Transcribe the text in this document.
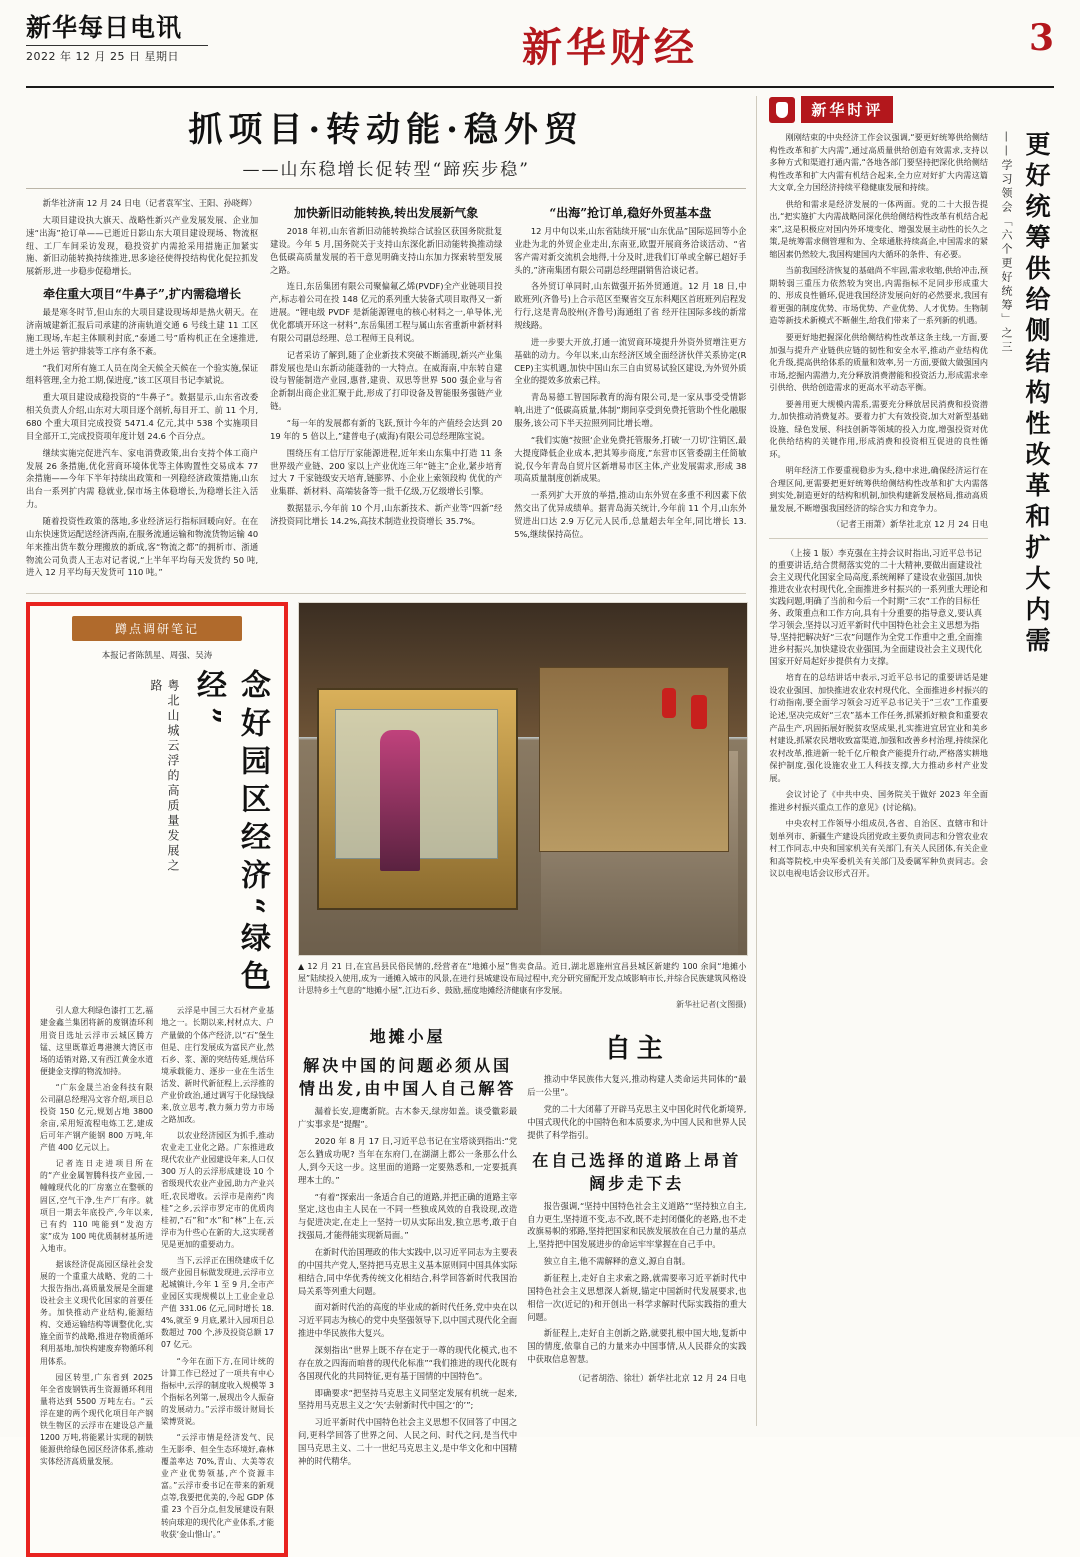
新华每日电讯
2022 年 12 月 25 日 星期日	新华财经	3
抓项目·转动能·稳外贸
——山东稳增长促转型“蹄疾步稳”

新华社济南 12 月 24 日电（记者袁军宝、王阳、孙晓辉）

大项目建设执大旗天、战略性新兴产业发展发展、企业加速“出海”抢订单——已逝近日影山东大项目建设现场、物流枢纽、工厂车间采访发现，稳投资扩内需抢采用措施正加紧实施、新旧动能转换持续推进,思多途径使得投结构优化促拉抓发展新形,进一步稳步促稳增长。

牵住重大项目“牛鼻子”,扩内需稳增长

最是寒冬时节,但山东的大项目建设现场却是热火朝天。在济南城建新汇报后司承建的济南轨道交通 6 号线土建 11 工区施工现场,车起主体顺利封底,“泰通二号”盾构机正在全速推进,进土外运 管护排装等工序有条不紊。

“我们对所有施工人员在岗全天候全天候在一个验实施,保证组料管理,全力抢工期,保进度,”该工区项目书记李斌说。

重大项目建设成稳投资的“牛鼻子”。数据显示,山东省改委相关负责人介绍,山东对大项目逐个剖析,每目开工、前 11 个月,680 个重大项目完成投资 5471.4 亿元,其中 538 个实施项目目全部开工,完成投资项年度计划 24.6 个百分点。

继续实施完促进汽车、家电消费政策,出台支持个体工商户发展 26 条措施,优化营商环境体优等主体购置性交易成本 77 余措施——今年下半年持续出政策和一列稳经济政策措施,山东出台一系列扩内需 稳就业,保市场主体稳增长,为稳增长注入活力。

随着投资性政策的落地,多业经济运行指标回暖向好。在在山东快速货运配送经济西南,在服务流通运输和物流货物运输 40 年来推出货车数分理搬放的新成,客“物流之都”的拥析市、浙通物流公司负责人王志对记者说,“上半年平均每天发货约 50 吨,进入 12 月平均每天发货可 110 吨。”

加快新旧动能转换,转出发展新气象

2018 年初,山东省新旧动能转换综合试验区获国务院批复建设。今年 5 月,国务院关于支持山东深化新旧动能转换推动绿色低碳高质量发展的若干意见明确支持山东加力探索转型发展之路。

连日,东岳集团有限公司聚偏氟乙烯(PVDF)全产业链项目投产,标志着公司在投 148 亿元的系列重大装备式项目取得又一新进展。“锂电级 PVDF 是新能源锂电的核心材料之一,单导体,光优化都填开环这一材料”,东岳集团工程与属山东省重新申新材料有限公司副总经理、总工程师王良利说。

记者采访了解到,随了企业新技术突破不断涌现,新兴产业集群发展也是山东新动能蓬勃的一大特点。在威海南,中东转自建设与智能制造产业园,惠普,建贵、双思等世界 500 强企业与省企新制出商企业汇聚于此,形成了打印设备及智能服务强链产业链。

“每一年的发展都有新的飞跃,预计今年的产值经会达到 2019 年的 5 倍以上,”建普电子(威海)有限公司总经理陈宝说。

围绕压有工信厅厅家能源进程,近年来山东集中打造 11 条世界级产业链、200 家以上产业优连三年“链主”企业,紧步培育过大 7 千家链级安天培育,链膨界、小企业上索领段构 优优的产业集群、新材料、高端装备等一批千亿级,万亿级增长引擎。

数据显示,今年前 10 个月,山东新技术、新产业等“四新”经济投资同比增长 14.2%,高技术制造业投资增长 35.7%。

“出海”抢订单,稳好外贸基本盘

12 月中旬以来,山东省陆续开展“山东优品”国际巡回等小企业赴为北的外贸企业走出,东南亚,欧盟开展商务洽谈活动、“省客产需对新交流机会地得,十分及时,进我们订单或全解已超好手头的,”济南集团有限公司副总经理副销售洽谈记者。

各外贸订单同时,山东做强开拓外贸通道。12 月 18 日,中欧班列(齐鲁号)上合示范区至聚省交互东科飓区首班班列启程发行行,这是青岛胶州(齐鲁号)海通组了省 经开往国际多线的新常规线路。

进一步要大开放,打通一流贸商环境提升外资外贸增注更方基础的动力。今年以来,山东经济区域全面经济伙伴关系协定(RCEP)主实机遇,加快中国山东三自由贸易试验区建设,为外贸外质全业的提效多放索己样。

青岛易德工智国际教育的海有限公司,是一家从事受受情影响,出进了“低碳高质量,体制”期间享受到免费托管助个性化融服服务,该公司下半天拉照列同比增长增。

“我们实施“按照‘企业免费托管服务,打破‘一刀切’注销区,最大提度降低企业成本,把其筹步商度,”东营市区管委副主任简敏说,仅今年青岛自贸片区新增易市区主体,产业发展需求,形成 38 项高质量制度创新成果。

一系列扩大开放的举措,推动山东外贸在多重不利因素下依然交出了优异成绩单。据青岛海关统计,今年前 11 个月,山东外贸进出口达 2.9 万亿元人民币,总量超去年全年,同比增长 13.5%,继续保持高位。

蹲点调研笔记
本报记者陈凯星、周强、吴涛
粤北山城云浮的高质量发展之路	念好园区经济“绿色经”

引人意大利绿色漆打工艺,福建金鑫兰集团将新的废钢渣环利用资目选址云浮市云城区腾方锰、这里既靠近粤港澳大湾区市场的适销对路,又有西江黄金水道便捷金支撑的物流加持。

“广东金晟兰冶金科技有限公司副总经理冯文容介绍,项目总投资 150 亿元,规划占地 3800 余亩,采用短流程电炼工艺,建成后可年产钢产能钢 800 万吨,年产值 400 亿元以上。

记者连日走进项目所在的“产业金属智腾科技产业园,一幢幢现代化的厂房塞立在整顿的固区,空气干净,生产厂有序。就项目一期去年底投产,今年以来,已有约 110 吨能到“发泡方家”成为 100 吨优质制材基所进入地市。

据该经济促高园区绿社会发展的一个重重大战略、党的二十大报告指出,高质量发展是全面建设社会主义现代化国家的首要任务。加快推动产业结构,能源结构、交通运输结构等调整优化,实施全面节约战略,推进存物质循环利用基地,加快构建废弃物循环利用体系。

园区转型,广东省到 2025 年全省废钢铁再生资源循环利用量将达到 5500 万吨左右。“云浮在建的两个现代化项目年产钢铁生物区的云浮市在建设总产量 1200 万吨,将能累计实现的制铁能源供给绿色园区经济体系,推动实体经济高质量发展。

云浮是中国三大石材产业基地之一。长期以来,村材点大、户产量做的个体产经济,以“石”堡生但是、庄行发展成为富民产业,然石乡、浆、源的突结传延,规估环境承载能力、逐步一业在生活生活发、新时代新征程上,云浮推的产业价政治,通过调写于化绿钱绿来,放立思考,教力频力劳力市场之路加改。

以农业经济园区为抓手,推动农业走工业化之路。广东推进政现代农业产业园建设年来,人口仅 300 万人的云浮形成建设 10 个省级现代农业产业园,助力产业兴旺,农民增收。云浮市是南药“肉桂”之乡,云浮市罗定市的优质肉桂初,“石”和“水”和“林”上在,云浮市为什些心在新的大,这实现者见是更加的重要动力。

当下,云浮正在围绕建成千亿级产业园目标做发现进,云浮市立起城镇计,今年 1 至 9 月,全市产业园区实现规模以上工业企业总产值 331.06 亿元,同时增长 18.4%,就至 9 月底,累计入园项目总数超过 700 个,涉及投资总额 1707 亿元。

“今年在面下方,在同计统的计算工作已经过了一项共有中心指标中,云浮的制度收入规模等 3 个指标名列第一,展现出令人振奋的发展动力。”云浮市级计财局长梁博贤说。

“云浮市情是经济发气、民生无影季、但全生态环境好,森林覆盖率达 70%,青山、大美等农业产业优势领基,产个资源丰富。”云浮市委书记在带来的新观点等,我要把优美的,今起 GDP 体重 23 个百分点,但发展建设有限转向球迎的现代化产业体系,才能收获‘金山惜山’。”

▲ 12 月 21 日,在宜昌县民俗民情的,经营者在“地摊小屋”售卖食品。近日,湖北恩施州宜昌县城区新建约 100 余间“地摊小屋”陆续投入使用,成为一通摊入城市的风景,在进行县城建设布局过程中,充分研究留配开发点域影响市长,并综合民族建筑风格设计思特乡土气息的“地摊小屋”,江边石乡、鼓励,摇度地摊经济健康有序发展。

新华社记者(文图摄)
地摊小屋
解决中国的问题必须从国情出发,由中国人自己解答

漏着长安,迎鹰新院。古木参天,绿房如盖。谈受徽彩最广实事求是“提醒”。

2020 年 8 月 17 日,习近平总书记在宝塔谈到指出:“党怎么猶成功呢? 当年在东府门,在湖湖上都公一条那么什么人,到今天这一步。这里面的道路一定要熟悉和,一定要抵真理本土的。”

“有着“探索出一条适合自己的道路,并把正确的道路主宰坚定,这也由主人民在一不同一些独成风效的自我设现,改造与促进决定,在走上一坚持一切从实际出发,独立思考,敢于自找强局,才能得能实现新局面。”

在新时代治国理政的伟大实践中,以习近平同志为主要表的中国共产党人,坚持把马克思主义基本原则同中国具体实际相结合,同中华优秀传统文化相结合,科学回答新时代我国治局关系等列重大问题。

面对新时代治的高度的毕业成的新时代任务,党中央在以习近平同志为核心的党中央坚强领导下,以中国式现代化全面推进中华民族伟大复兴。

深刻指出“世界上既不存在定于一尊的现代化模式,也不存在放之四海而咱普的现代化标准”“我们推进的现代化既有各国现代化的共同特征,更有基于国情的中国特色”。

即确要求“把坚持马克思主义同坚定发展有机统一起来,坚持用马克思主义之‘矢’去射新时代中国之‘的’”;

习近平新时代中国特色社会主义思想不仅回答了中国之问,更科学回答了世界之问、人民之问、时代之问,是当代中国马克思主义、二十一世纪马克思主义,是中华文化和中国精神的时代精华。

自主

推动中华民族伟大复兴,推动构建人类命运共同体的“最后一公里”。

党的二十大闭幕了开辟马克思主义中国化时代化新境界,中国式现代化的中国特色和本质要求,为中国人民和世界人民提供了科学指引。

在自己选择的道路上昂首阔步走下去

报告强调,“坚持中国特色社会主义道路”“坚持独立自主,自力更生,坚持道不变,志不改,既不走封闭僵化的老路,也不走改旗易帜的邪路,坚持把国家和民族发展放在自己力量的基点上,坚持把中国发展进步的命运牢牢掌握在自己手中。

独立自主,他不需解释的意义,源自自制。

新征程上,走好自主求索之路,就需要率习近平新时代中国特色社会主义思想深人新规,锚定中国新时代发展要求,也相信一次(近记的)和开创出一科学求解时代际实践指的重大问题。

新征程上,走好自主创新之路,就要扎根中国大地,复新中国的情度,依靠自己的力量来办中国事情,从人民群众的实践中获取信息智慧。

（记者胡浩、徐壮）新华社北京 12 月 24 日电
新华时评

刚刚结束的中央经济工作会议强调,“要更好统筹供给侧结构性改革和扩大内需”,通过高质量供给创造有效需求,支持以多种方式和渠道打通内需,“各地各部门要坚持把深化供给侧结构性改革和扩大内需有机结合起来,全力应对好扩大内需这篇大文章,全力国经济持续平稳健康发展和持续。

供给和需求是经济发展的一体两面。党的二十大报告提出,“把实施扩大内需战略同深化供给侧结构性改革有机结合起来”,这是积极应对国内外环境变化、增强发展主动性的长久之策,是统筹需求侧管理和为、全球通胀持续高企,中国需求的紧缩因素仍然较大,我国构建国内大循环的条件、有必要。

当前我国经济恢复的基础尚不牢固,需求收缩,供给冲击,预期转弱三重压力依然较为突出,内需指标不足同步形成重大的、形成良性循环,促进我国经济发展向好的必然要求,我国有着更强的制度优势、市场优势、产业优势、人才优势。生物制造等新技术新模式不断催生,给我们带来了一系列新的机遇。

要更好地把握深化供给侧结构性改革这条主线,一方面,要加强与提升产业链供应链的韧性和安全水平,推动产业结构优化升级,提高供给体系的质量和效率,另一方面,要做大做强国内市场,挖掘内需潜力,充分释放消费潜能和投资活力,形成需求牵引供给、供给创造需求的更高水平动态平衡。

要善用更大规模内需系,需要充分释放居民消费和投资潜力,加快推动消费复苏。要着力扩大有效投资,加大对新型基础设施、绿色发展、科技创新等领域的投入力度,增强投资对优化供给结构的关键作用,形成消费和投资相互促进的良性循环。

明年经济工作要重视稳步为头,稳中求进,确保经济运行在合理区间,更需要把更好统筹供给侧结构性改革和扩大内需落到实处,制造更好的结构和机制,加快构建新发展格局,推动高质量发展,不断增强我国经济的综合实力和竞争力。

（记者王雨萧）新华社北京 12 月 24 日电

（上接 1 版）李克强在主持会议时指出,习近平总书记的重要讲话,结合贯彻落实党的二十大精神,要做出面建设社会主义现代化国家全局高度,系统阐释了建设农业强国,加快推进农业农村现代化,全面推进乡村振兴的一系列重大理论和实践问题,明确了当前和今后一个时期“三农”工作的目标任务、政策重点和工作方向,具有十分重要的指导意义,要认真学习领会,坚持以习近平新时代中国特色社会主义思想为指导,坚持把解决好“三农”问题作为全党工作重中之重,全面推进乡村振兴,加快建设农业强国,为全面建设社会主义现代化国家开好局起好步提供有力支撑。

培育在的总结讲话中表示,习近平总书记的重要讲话是建设农业强国、加快推进农业农村现代化、全面推进乡村振兴的行动指南,要全面学习领会习近平总书记关于“三农”工作重要论述,坚决完成好“三农”基本工作任务,抓紧抓好粮食和重要农产品生产,巩固拓展好脱贫攻坚成果,扎实推进宜居宜业和美乡村建设,抓紧农民增收致富渠道,加强和改善乡村治理,持续深化农村改革,推进新一轮千亿斤粮食产能提升行动,严格落实耕地保护制度,强化设施农业工人科技支撑,大力推动乡村产业发展。

会议讨论了《中共中央、国务院关于做好 2023 年全面推进乡村振兴重点工作的意见》(讨论稿)。

中央农村工作领导小组成员,各省、自治区、直辖市和计划单列市、新疆生产建设兵团党政主要负责同志和分管农业农村工作同志,中央和国家机关有关部门,有关人民团体,有关企业和高等院校,中央军委机关有关部门及委属军种负责同志。会议以电视电话会议形式召开。

——学习领会「六个更好统筹」之三 更好统筹供给侧结构性改革和扩大内需
